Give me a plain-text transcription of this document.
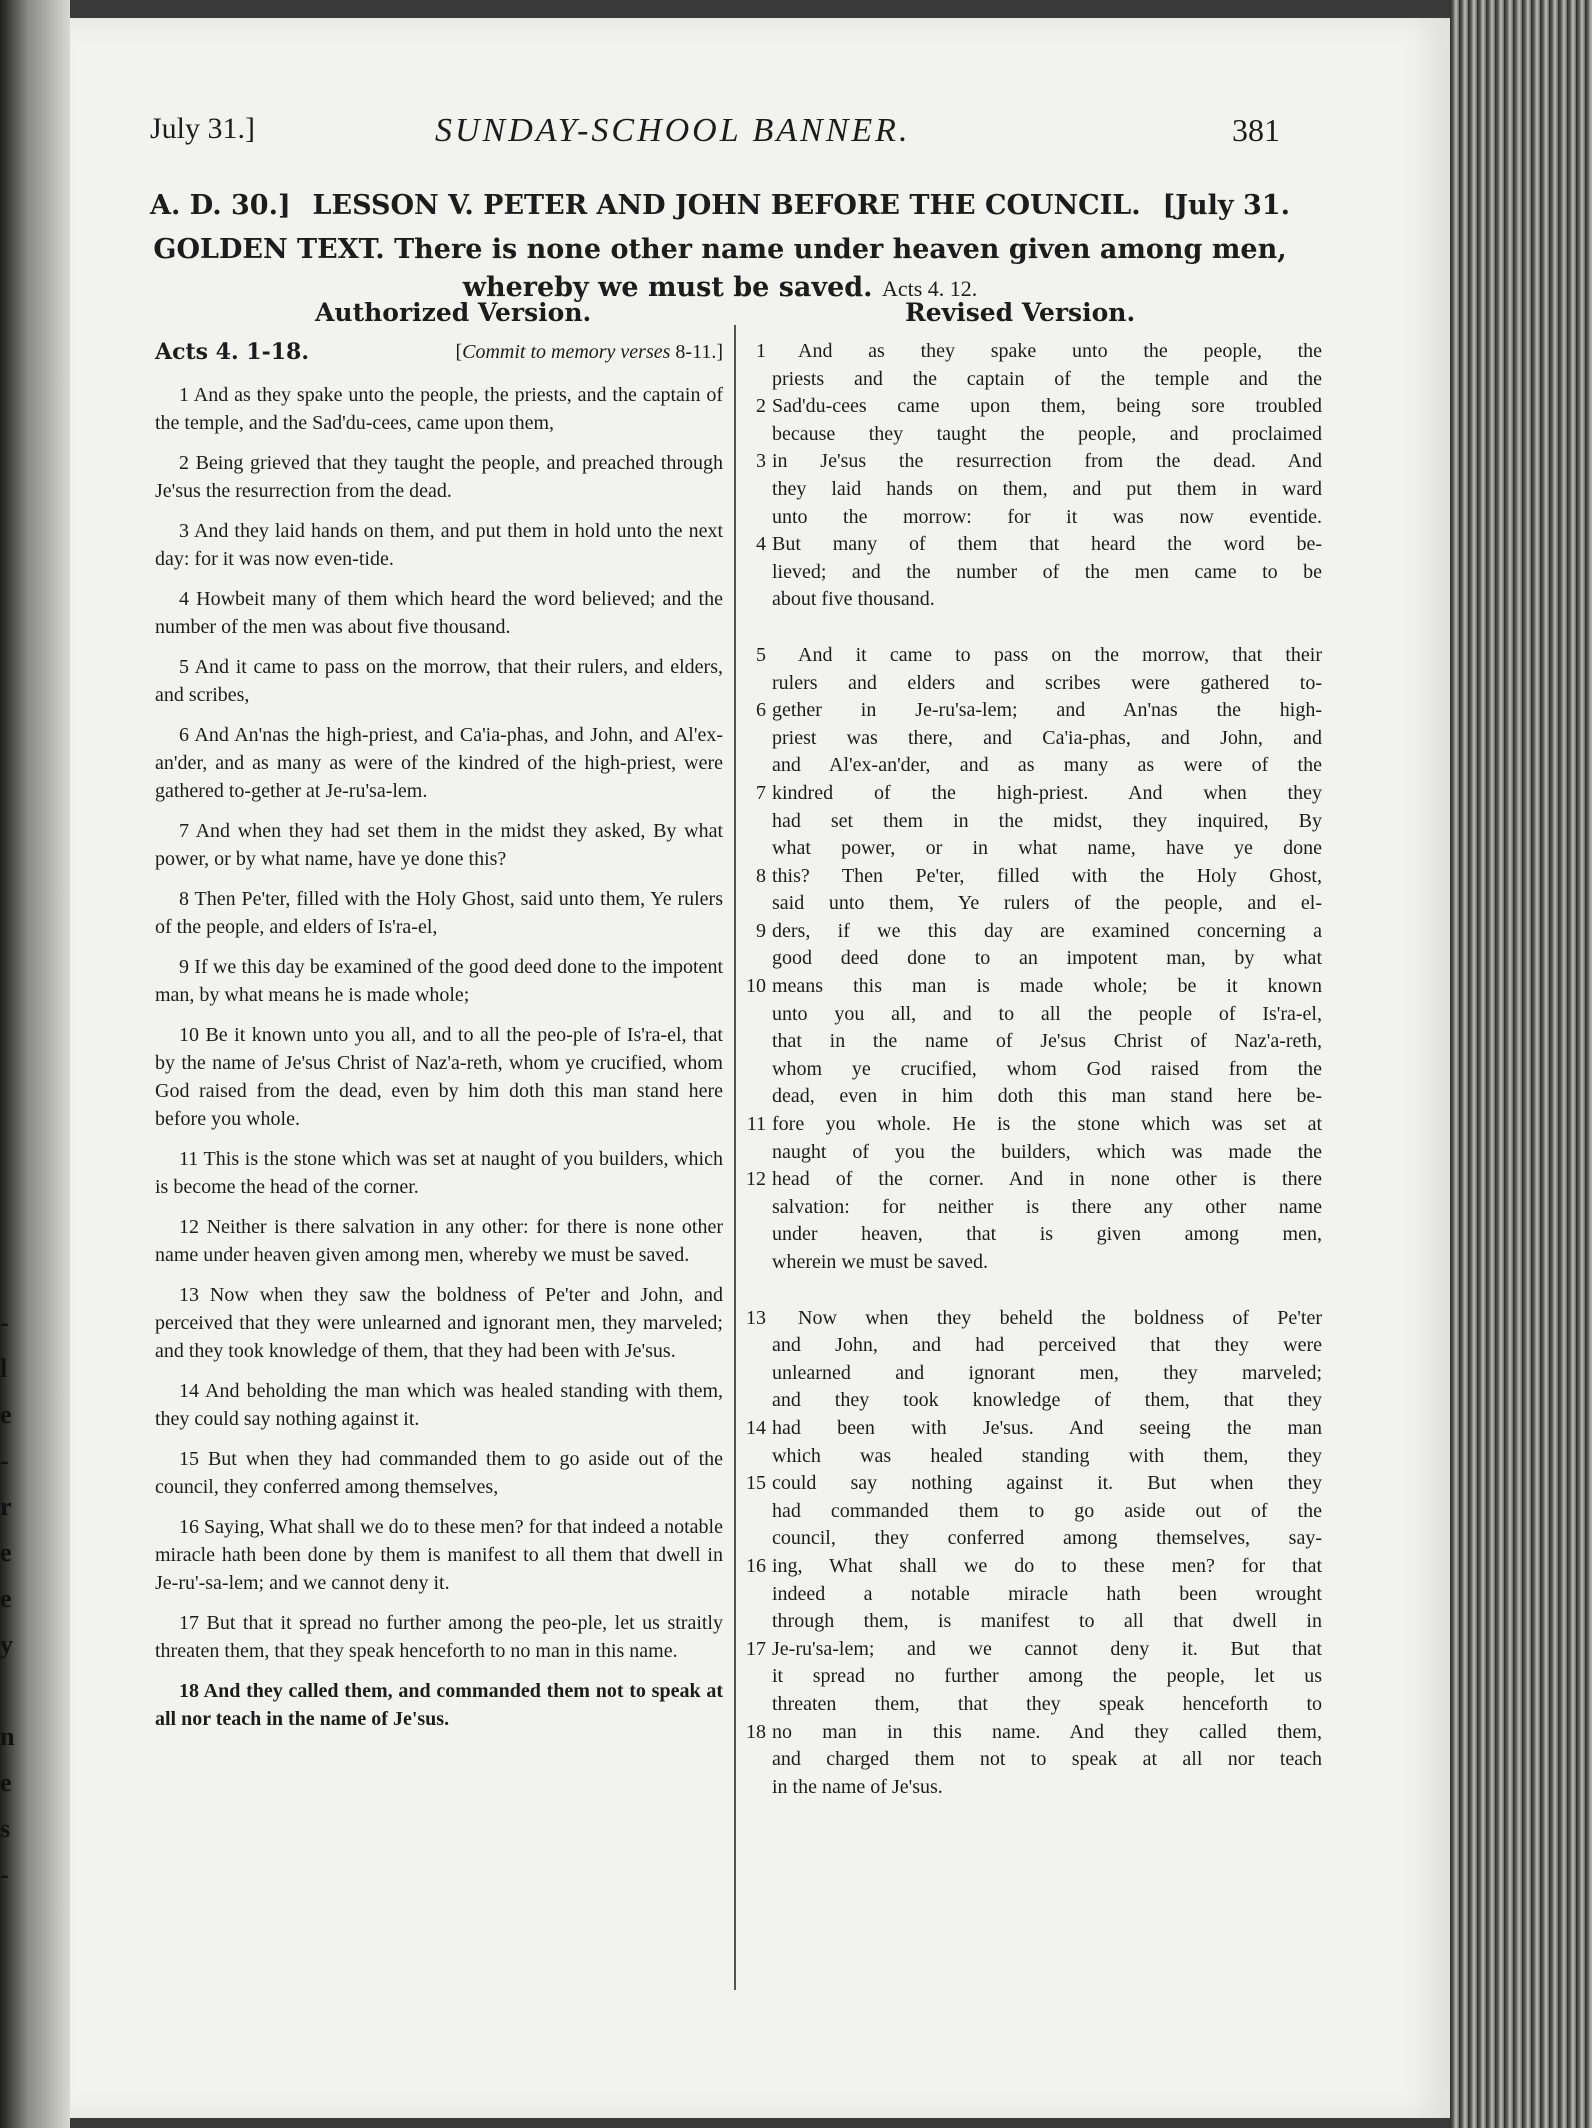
-
l
e
-
r
e
e
y

n
e
s
-
July 31.]	SUNDAY-SCHOOL BANNER.	381
A. D. 30.] LESSON V. PETER AND JOHN BEFORE THE COUNCIL. [July 31.
GOLDEN TEXT. There is none other name under heaven given among men,
whereby we must be saved. Acts 4. 12.
Authorized Version.	Revised Version.
Acts 4. 1-18.	[Commit to memory verses 8-11.]

1 And as they spake unto the people, the priests, and the captain of the temple, and the Sad'du-cees, came upon them,

2 Being grieved that they taught the people, and preached through Je'sus the resurrection from the dead.

3 And they laid hands on them, and put them in hold unto the next day: for it was now even-tide.

4 Howbeit many of them which heard the word believed; and the number of the men was about five thousand.

5 And it came to pass on the morrow, that their rulers, and elders, and scribes,

6 And An'nas the high-priest, and Ca'ia-phas, and John, and Al'ex-an'der, and as many as were of the kindred of the high-priest, were gathered to-gether at Je-ru'sa-lem.

7 And when they had set them in the midst they asked, By what power, or by what name, have ye done this?

8 Then Pe'ter, filled with the Holy Ghost, said unto them, Ye rulers of the people, and elders of Is'ra-el,

9 If we this day be examined of the good deed done to the impotent man, by what means he is made whole;

10 Be it known unto you all, and to all the peo-ple of Is'ra-el, that by the name of Je'sus Christ of Naz'a-reth, whom ye crucified, whom God raised from the dead, even by him doth this man stand here before you whole.

11 This is the stone which was set at naught of you builders, which is become the head of the corner.

12 Neither is there salvation in any other: for there is none other name under heaven given among men, whereby we must be saved.

13 Now when they saw the boldness of Pe'ter and John, and perceived that they were unlearned and ignorant men, they marveled; and they took knowledge of them, that they had been with Je'sus.

14 And beholding the man which was healed standing with them, they could say nothing against it.

15 But when they had commanded them to go aside out of the council, they conferred among themselves,

16 Saying, What shall we do to these men? for that indeed a notable miracle hath been done by them is manifest to all them that dwell in Je-ru'-sa-lem; and we cannot deny it.

17 But that it spread no further among the peo-ple, let us straitly threaten them, that they speak henceforth to no man in this name.

18 And they called them, and commanded them not to speak at all nor teach in the name of Je'sus.

1	And as they spake unto the people, the
priests and the captain of the temple and the
2 Sad'du-cees came upon them, being sore troubled
because they taught the people, and proclaimed
3 in Je'sus the resurrection from the dead. And
they laid hands on them, and put them in ward
unto the morrow: for it was now eventide.
4 But many of them that heard the word be-
lieved; and the number of the men came to be
about five thousand.
5	And it came to pass on the morrow, that their
rulers and elders and scribes were gathered to-
6 gether in Je-ru'sa-lem; and An'nas the high-
priest was there, and Ca'ia-phas, and John, and
and Al'ex-an'der, and as many as were of the
7 kindred of the high-priest. And when they
had set them in the midst, they inquired, By
what power, or in what name, have ye done
8 this? Then Pe'ter, filled with the Holy Ghost,
said unto them, Ye rulers of the people, and el-
9 ders, if we this day are examined concerning a
good deed done to an impotent man, by what
10 means this man is made whole; be it known
unto you all, and to all the people of Is'ra-el,
that in the name of Je'sus Christ of Naz'a-reth,
whom ye crucified, whom God raised from the
dead, even in him doth this man stand here be-
11 fore you whole. He is the stone which was set at
naught of you the builders, which was made the
12 head of the corner. And in none other is there
salvation: for neither is there any other name
under heaven, that is given among men,
wherein we must be saved.
13	Now when they beheld the boldness of Pe'ter
and John, and had perceived that they were
unlearned and ignorant men, they marveled;
and they took knowledge of them, that they
14 had been with Je'sus. And seeing the man
which was healed standing with them, they
15 could say nothing against it. But when they
had commanded them to go aside out of the
council, they conferred among themselves, say-
16 ing, What shall we do to these men? for that
indeed a notable miracle hath been wrought
through them, is manifest to all that dwell in
17 Je-ru'sa-lem; and we cannot deny it. But that
it spread no further among the people, let us
threaten them, that they speak henceforth to
18 no man in this name. And they called them,
and charged them not to speak at all nor teach
in the name of Je'sus.
